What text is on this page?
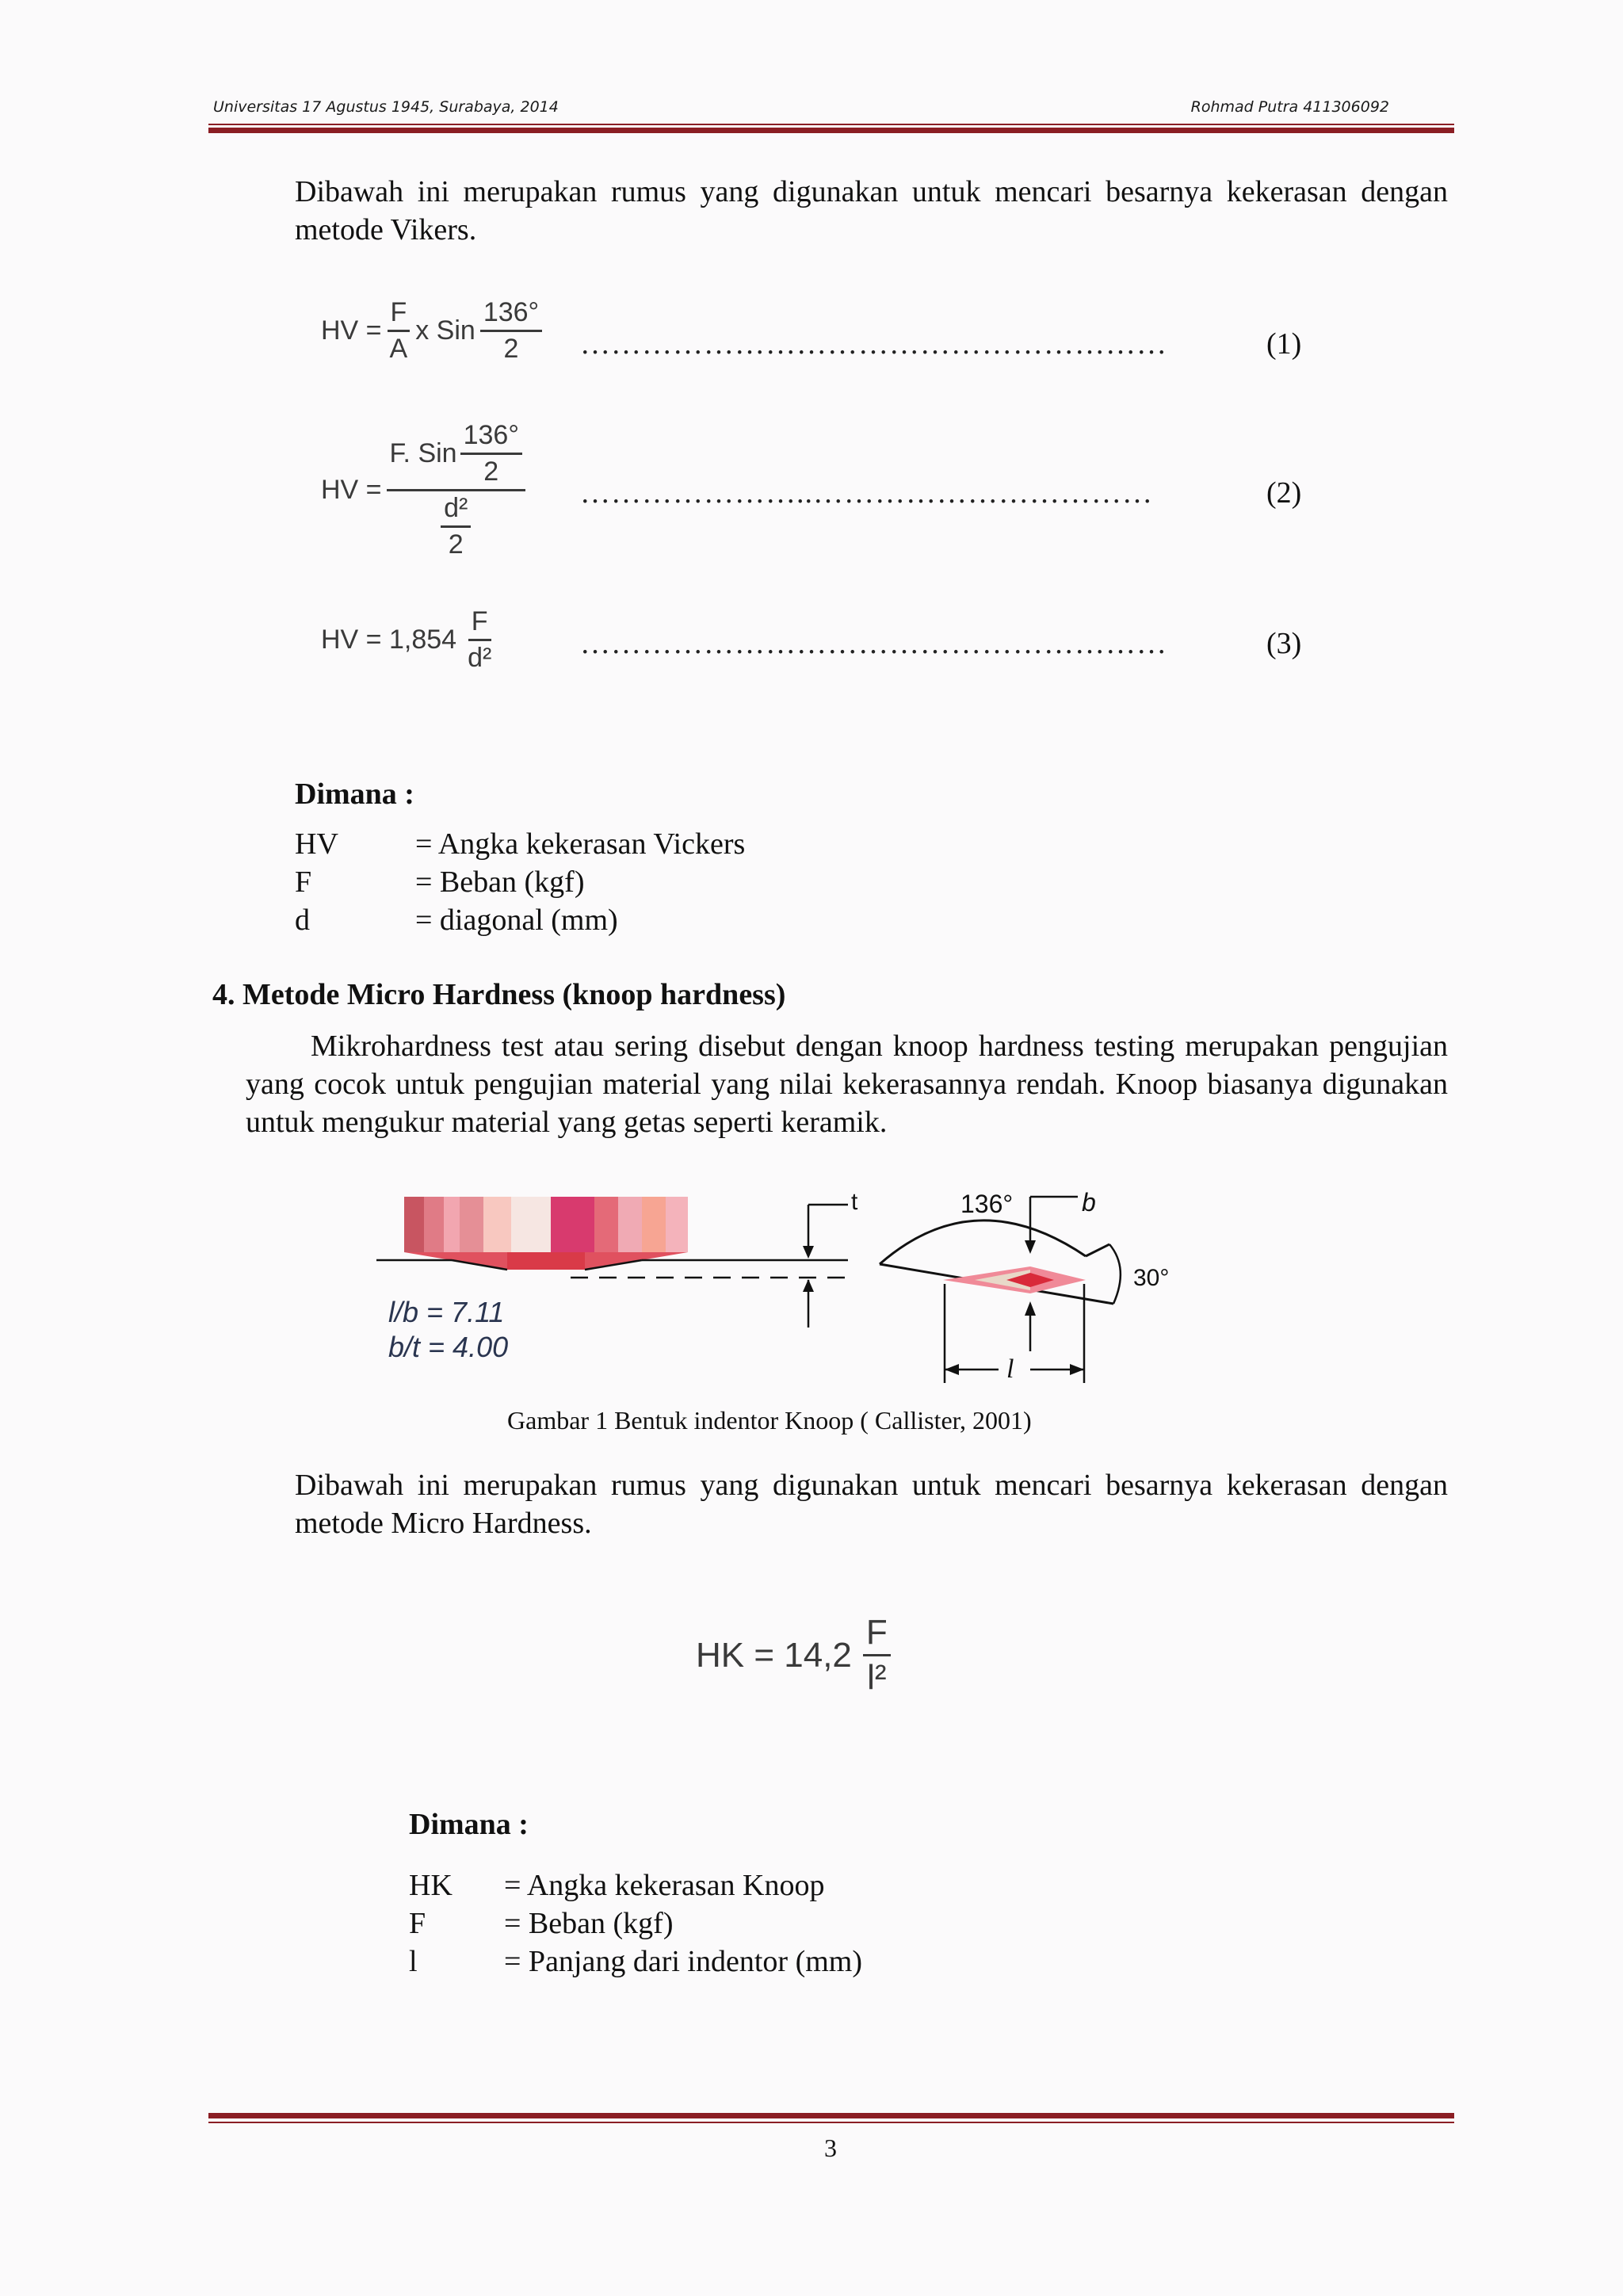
Universitas 17 Agustus 1945, Surabaya, 2014	Rohmad Putra 411306092
Dibawah ini merupakan rumus yang digunakan untuk mencari besarnya kekerasan dengan metode Vikers.
HV = $\frac{F}{A}$ x Sin $\frac{136^\circ}{2}$ …………………………………………………	(1)
HV = $\frac{F. Sin \frac{136^\circ}{2}}{\frac{\text{d²}}{2}}$ …………………..……………………………	(2)
HV = $1,854 \frac{F}{\text{d²}}$	…………………………………………………	(3)
Dimana :
HV	= Angka kekerasan Vickers
F	= Beban (kgf)
d	= diagonal (mm)
4. Metode Micro Hardness (knoop hardness)
Mikrohardness test atau sering disebut dengan knoop hardness testing merupakan pengujian yang cocok untuk pengujian material yang nilai kekerasannya rendah. Knoop biasanya digunakan untuk mengukur material yang getas seperti keramik.
t
l/b = 7.11
b/t = 4.00
136°	b
30°
l
Gambar 1 Bentuk indentor Knoop ( Callister, 2001)
Dibawah ini merupakan rumus yang digunakan untuk mencari besarnya kekerasan dengan metode Micro Hardness.
HK = $14,2 \frac{F}{\text{l²}}$
Dimana :
HK = Angka kekerasan Knoop
F	= Beban (kgf)
l	= Panjang dari indentor (mm)
3
